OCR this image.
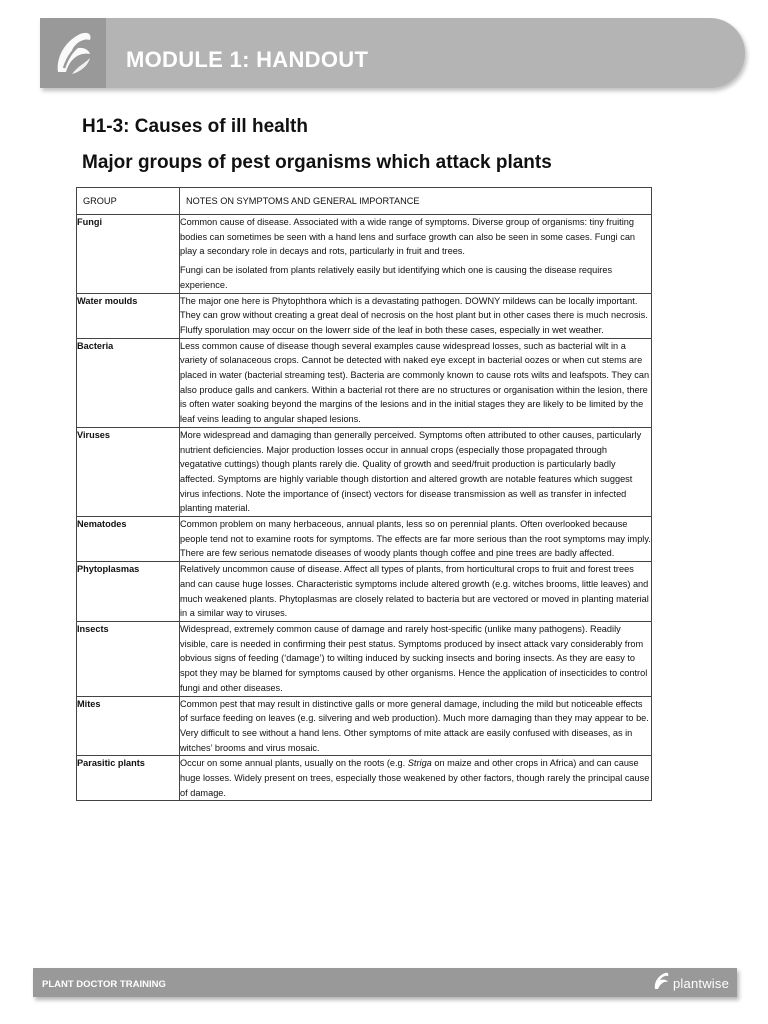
MODULE 1: HANDOUT
H1-3: Causes of ill health
Major groups of pest organisms which attack plants
GROUP	NOTES ON SYMPTOMS AND GENERAL IMPORTANCE
Fungi	Common cause of disease. Associated with a wide range of symptoms. Diverse group of organisms: tiny fruiting bodies can sometimes be seen with a hand lens and surface growth can also be seen in some cases. Fungi can play a secondary role in decays and rots, particularly in fruit and trees.

Fungi can be isolated from plants relatively easily but identifying which one is causing the disease requires experience.

Water moulds	The major one here is Phytophthora which is a devastating pathogen. DOWNY mildews can be locally important. They can grow without creating a great deal of necrosis on the host plant but in other cases there is much necrosis. Fluffy sporulation may occur on the lowerr side of the leaf in both these cases, especially in wet weather.

Bacteria	Less common cause of disease though several examples cause widespread losses, such as bacterial wilt in a variety of solanaceous crops. Cannot be detected with naked eye except in bacterial oozes or when cut stems are placed in water (bacterial streaming test). Bacteria are commonly known to cause rots wilts and leafspots. They can also produce galls and cankers. Within a bacterial rot there are no structures or organisation within the lesion, there is often water soaking beyond the margins of the lesions and in the initial stages they are likely to be limited by the leaf veins leading to angular shaped lesions.

Viruses	More widespread and damaging than generally perceived. Symptoms often attributed to other causes, particularly nutrient deficiencies. Major production losses occur in annual crops (especially those propagated through vegatative cuttings) though plants rarely die. Quality of growth and seed/fruit production is particularly badly affected. Symptoms are highly variable though distortion and altered growth are notable features which suggest virus infections. Note the importance of (insect) vectors for disease transmission as well as transfer in infected planting material.

Nematodes	Common problem on many herbaceous, annual plants, less so on perennial plants. Often overlooked because people tend not to examine roots for symptoms. The effects are far more serious than the root symptoms may imply. There are few serious nematode diseases of woody plants though coffee and pine trees are badly affected.

Phytoplasmas	Relatively uncommon cause of disease. Affect all types of plants, from horticultural crops to fruit and forest trees and can cause huge losses. Characteristic symptoms include altered growth (e.g. witches brooms, little leaves) and much weakened plants. Phytoplasmas are closely related to bacteria but are vectored or moved in planting material in a similar way to viruses.

Insects	Widespread, extremely common cause of damage and rarely host-specific (unlike many pathogens). Readily visible, care is needed in confirming their pest status. Symptoms produced by insect attack vary considerably from obvious signs of feeding (‘damage’) to wilting induced by sucking insects and boring insects. As they are easy to spot they may be blamed for symptoms caused by other organisms. Hence the application of insecticides to control fungi and other diseases.

Mites	Common pest that may result in distinctive galls or more general damage, including the mild but noticeable effects of surface feeding on leaves (e.g. silvering and web production). Much more damaging than they may appear to be. Very difficult to see without a hand lens. Other symptoms of mite attack are easily confused with diseases, as in witches’ brooms and virus mosaic.

Parasitic plants	Occur on some annual plants, usually on the roots (e.g. Striga on maize and other crops in Africa) and can cause huge losses. Widely present on trees, especially those weakened by other factors, though rarely the principal cause of damage.

PLANT DOCTOR TRAINING	plantwise
